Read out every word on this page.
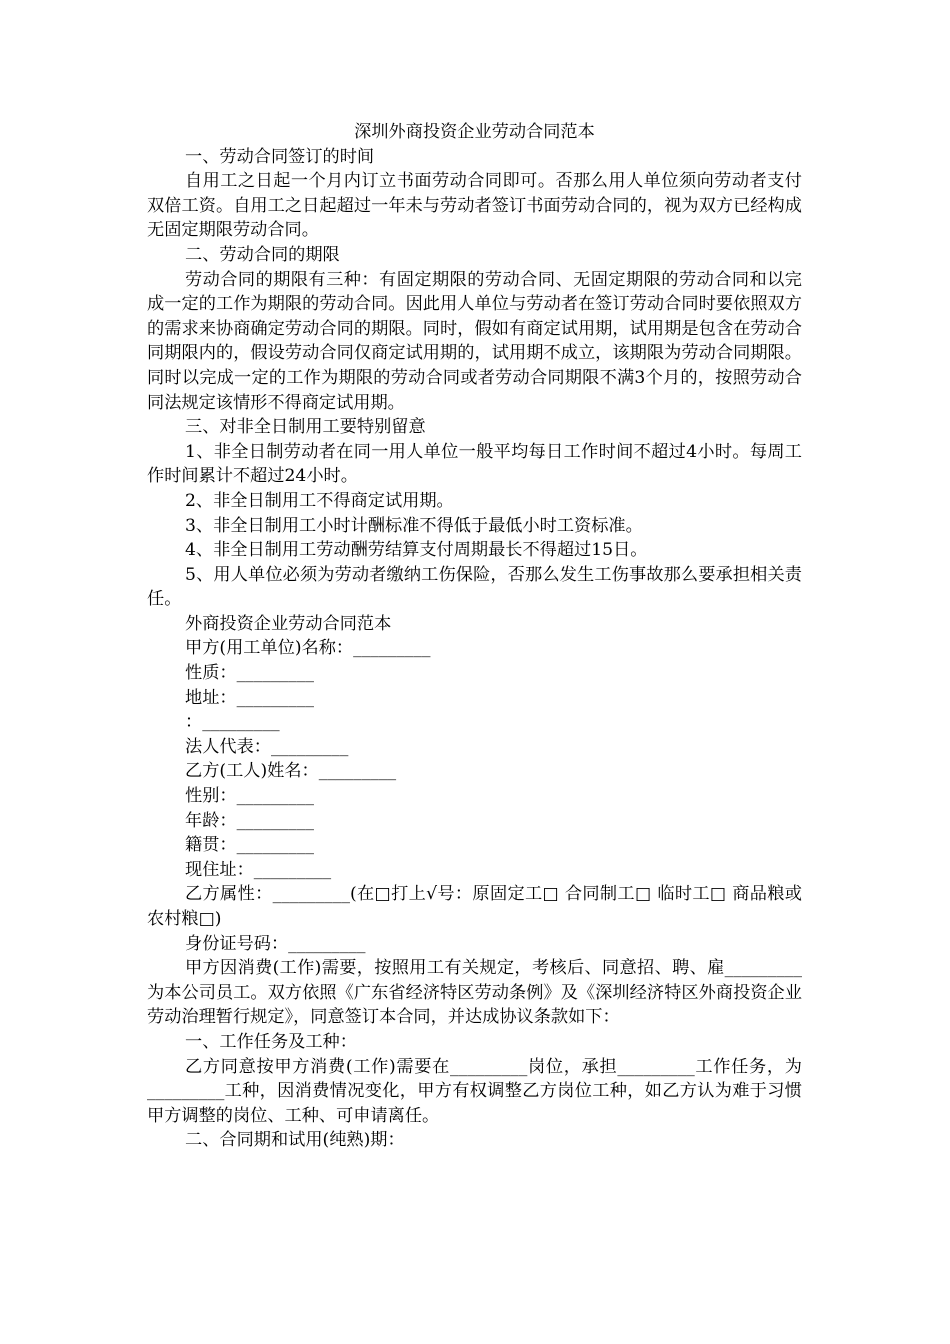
深圳外商投资企业劳动合同范本

一、劳动合同签订的时间

自用工之日起一个月内订立书面劳动合同即可。否那么用人单位须向劳动者支付双倍工资。自用工之日起超过一年未与劳动者签订书面劳动合同的，视为双方已经构成无固定期限劳动合同。

二、劳动合同的期限

劳动合同的期限有三种：有固定期限的劳动合同、无固定期限的劳动合同和以完成一定的工作为期限的劳动合同。因此用人单位与劳动者在签订劳动合同时要依照双方的需求来协商确定劳动合同的期限。同时，假如有商定试用期，试用期是包含在劳动合同期限内的，假设劳动合同仅商定试用期的，试用期不成立，该期限为劳动合同期限。同时以完成一定的工作为期限的劳动合同或者劳动合同期限不满3个月的，按照劳动合同法规定该情形不得商定试用期。

三、对非全日制用工要特别留意

1、非全日制劳动者在同一用人单位一般平均每日工作时间不超过4小时。每周工作时间累计不超过24小时。

2、非全日制用工不得商定试用期。

3、非全日制用工小时计酬标准不得低于最低小时工资标准。

4、非全日制用工劳动酬劳结算支付周期最长不得超过15日。

5、用人单位必须为劳动者缴纳工伤保险，否那么发生工伤事故那么要承担相关责任。

外商投资企业劳动合同范本

甲方(用工单位)名称：_________

性质：_________

地址：_________

：_________

法人代表：_________

乙方(工人)姓名：_________

性别：_________

年龄：_________

籍贯：_________

现住址：_________

乙方属性：_________(在□打上√号：原固定工□ 合同制工□ 临时工□ 商品粮或农村粮□)

身份证号码：_________

甲方因消费(工作)需要，按照用工有关规定，考核后、同意招、聘、雇_________为本公司员工。双方依照《广东省经济特区劳动条例》及《深圳经济特区外商投资企业劳动治理暂行规定》，同意签订本合同，并达成协议条款如下：

一、工作任务及工种：

乙方同意按甲方消费(工作)需要在_________岗位，承担_________工作任务，为_________工种，因消费情况变化，甲方有权调整乙方岗位工种，如乙方认为难于习惯甲方调整的岗位、工种、可申请离任。

二、合同期和试用(纯熟)期：
